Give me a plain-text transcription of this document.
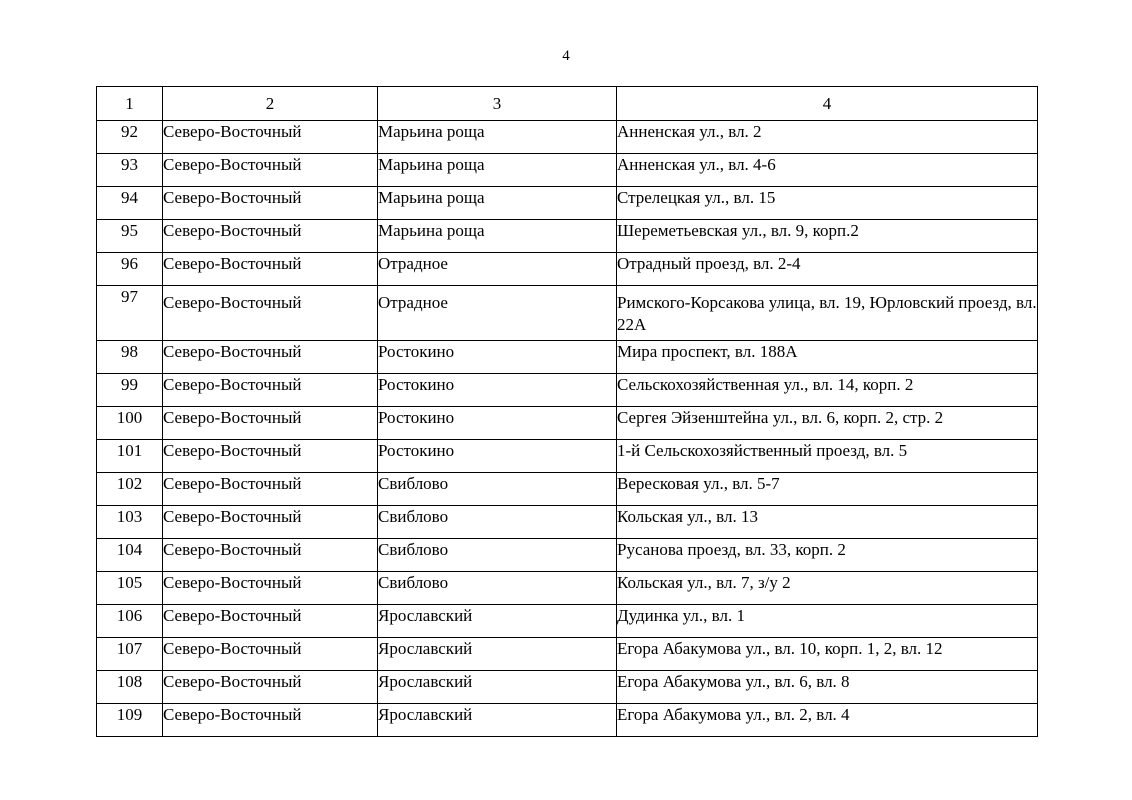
4
1	2	3	4
92	Северо-Восточный	Марьина роща	Анненская ул., вл. 2
93	Северо-Восточный	Марьина роща	Анненская ул., вл. 4-6
94	Северо-Восточный	Марьина роща	Стрелецкая ул., вл. 15
95	Северо-Восточный	Марьина роща	Шереметьевская ул., вл. 9, корп.2
96	Северо-Восточный	Отрадное	Отрадный проезд, вл. 2-4
97	Северо-Восточный	Отрадное	Римского-Корсакова улица, вл. 19, Юрловский проезд, вл. 22А
98	Северо-Восточный	Ростокино	Мира проспект, вл. 188А
99	Северо-Восточный	Ростокино	Сельскохозяйственная ул., вл. 14, корп. 2
100	Северо-Восточный	Ростокино	Сергея Эйзенштейна ул., вл. 6, корп. 2, стр. 2
101	Северо-Восточный	Ростокино	1-й Сельскохозяйственный проезд, вл. 5
102	Северо-Восточный	Свиблово	Вересковая ул., вл. 5-7
103	Северо-Восточный	Свиблово	Кольская ул., вл. 13
104	Северо-Восточный	Свиблово	Русанова проезд, вл. 33, корп. 2
105	Северо-Восточный	Свиблово	Кольская ул., вл. 7, з/у 2
106	Северо-Восточный	Ярославский	Дудинка ул., вл. 1
107	Северо-Восточный	Ярославский	Егора Абакумова ул., вл. 10, корп. 1, 2, вл. 12
108	Северо-Восточный	Ярославский	Егора Абакумова ул., вл. 6, вл. 8
109	Северо-Восточный	Ярославский	Егора Абакумова ул., вл. 2, вл. 4
